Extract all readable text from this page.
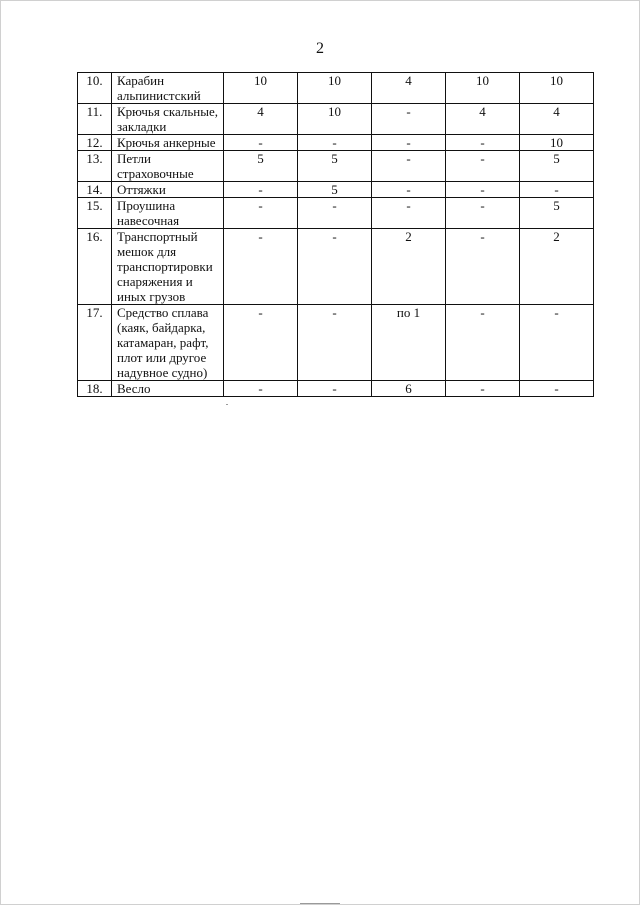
2
10.	Карабин альпинистский	10	10	4	10	10
11.	Крючья скальные, закладки	4	10	-	4	4
12.	Крючья анкерные	-	-	-	-	10
13.	Петли страховочные	5	5	-	-	5
14.	Оттяжки	-	5	-	-	-
15.	Проушина навесочная	-	-	-	-	5
16.	Транспортный мешок для транспортировки снаряжения и иных грузов	-	-	2	-	2
17.	Средство сплава (каяк, байдарка, катамаран, рафт, плот или другое надувное судно)	-	-	по 1	-	-
18.	Весло	-	-	6	-	-
